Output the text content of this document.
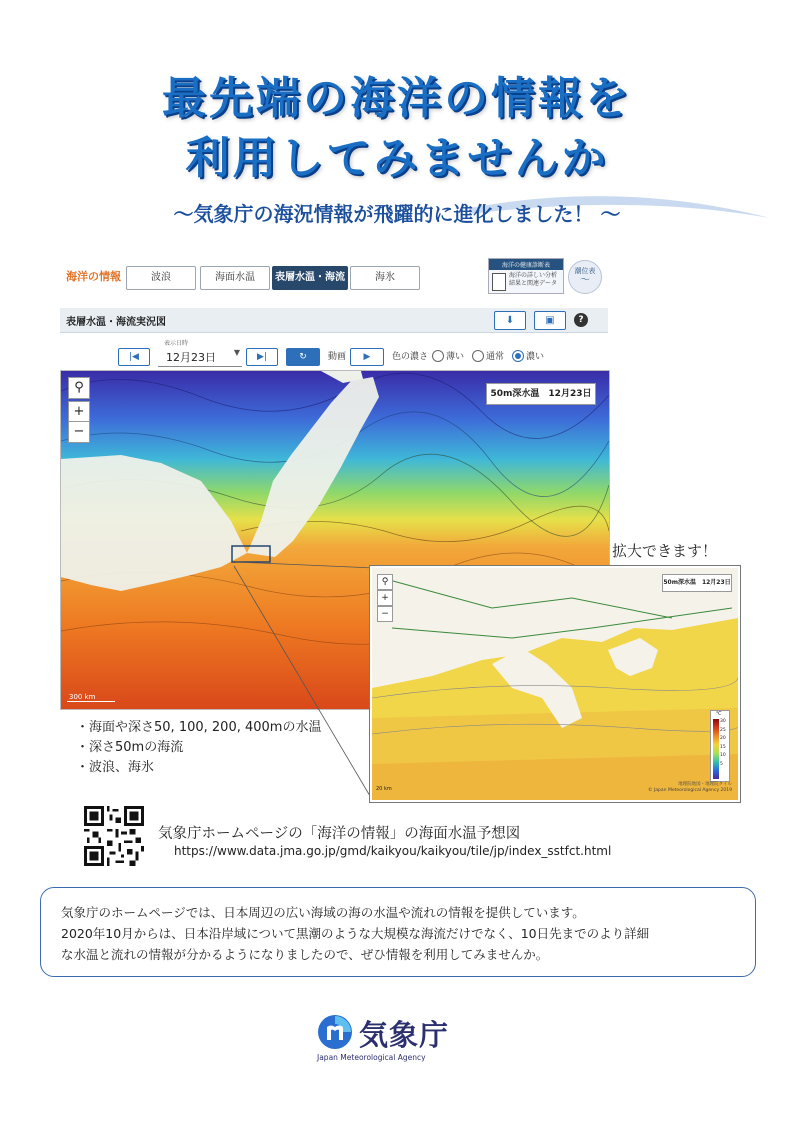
最先端の海洋の情報を
利用してみませんか
～気象庁の海況情報が飛躍的に進化しました！ ～
海洋の情報	波浪	海面水温	表層水温・海流	海氷
海洋の健康診断表
海洋の詳しい分析
結果と関連データ
潮位表
〜
表層水温・海流実況図	⬇	▣	?
|◀
表示日時
12月23日 ▼	▶|	↻	動画	▶	色の濃さ 薄い 通常 濃い
⚲
+
−
50m深水温　12月23日
300 km
拡大できます！
⚲
+
−
50m深水温　12月23日
℃
30
25
20
15
10
5
20 km
地理院地図・地理院タイル
© Japan Meteorological Agency 2019
・海面や深さ50, 100, 200, 400mの水温
・深さ50mの海流
・波浪、海氷
気象庁ホームページの「海洋の情報」の海面水温予想図
https://www.data.jma.go.jp/gmd/kaikyou/kaikyou/tile/jp/index_sstfct.html

気象庁のホームページでは、日本周辺の広い海域の海の水温や流れの情報を提供しています。

2020年10月からは、日本沿岸域について黒潮のような大規模な海流だけでなく、10日先までのより詳細

な水温と流れの情報が分かるようになりましたので、ぜひ情報を利用してみませんか。

気象庁
Japan Meteorological Agency
